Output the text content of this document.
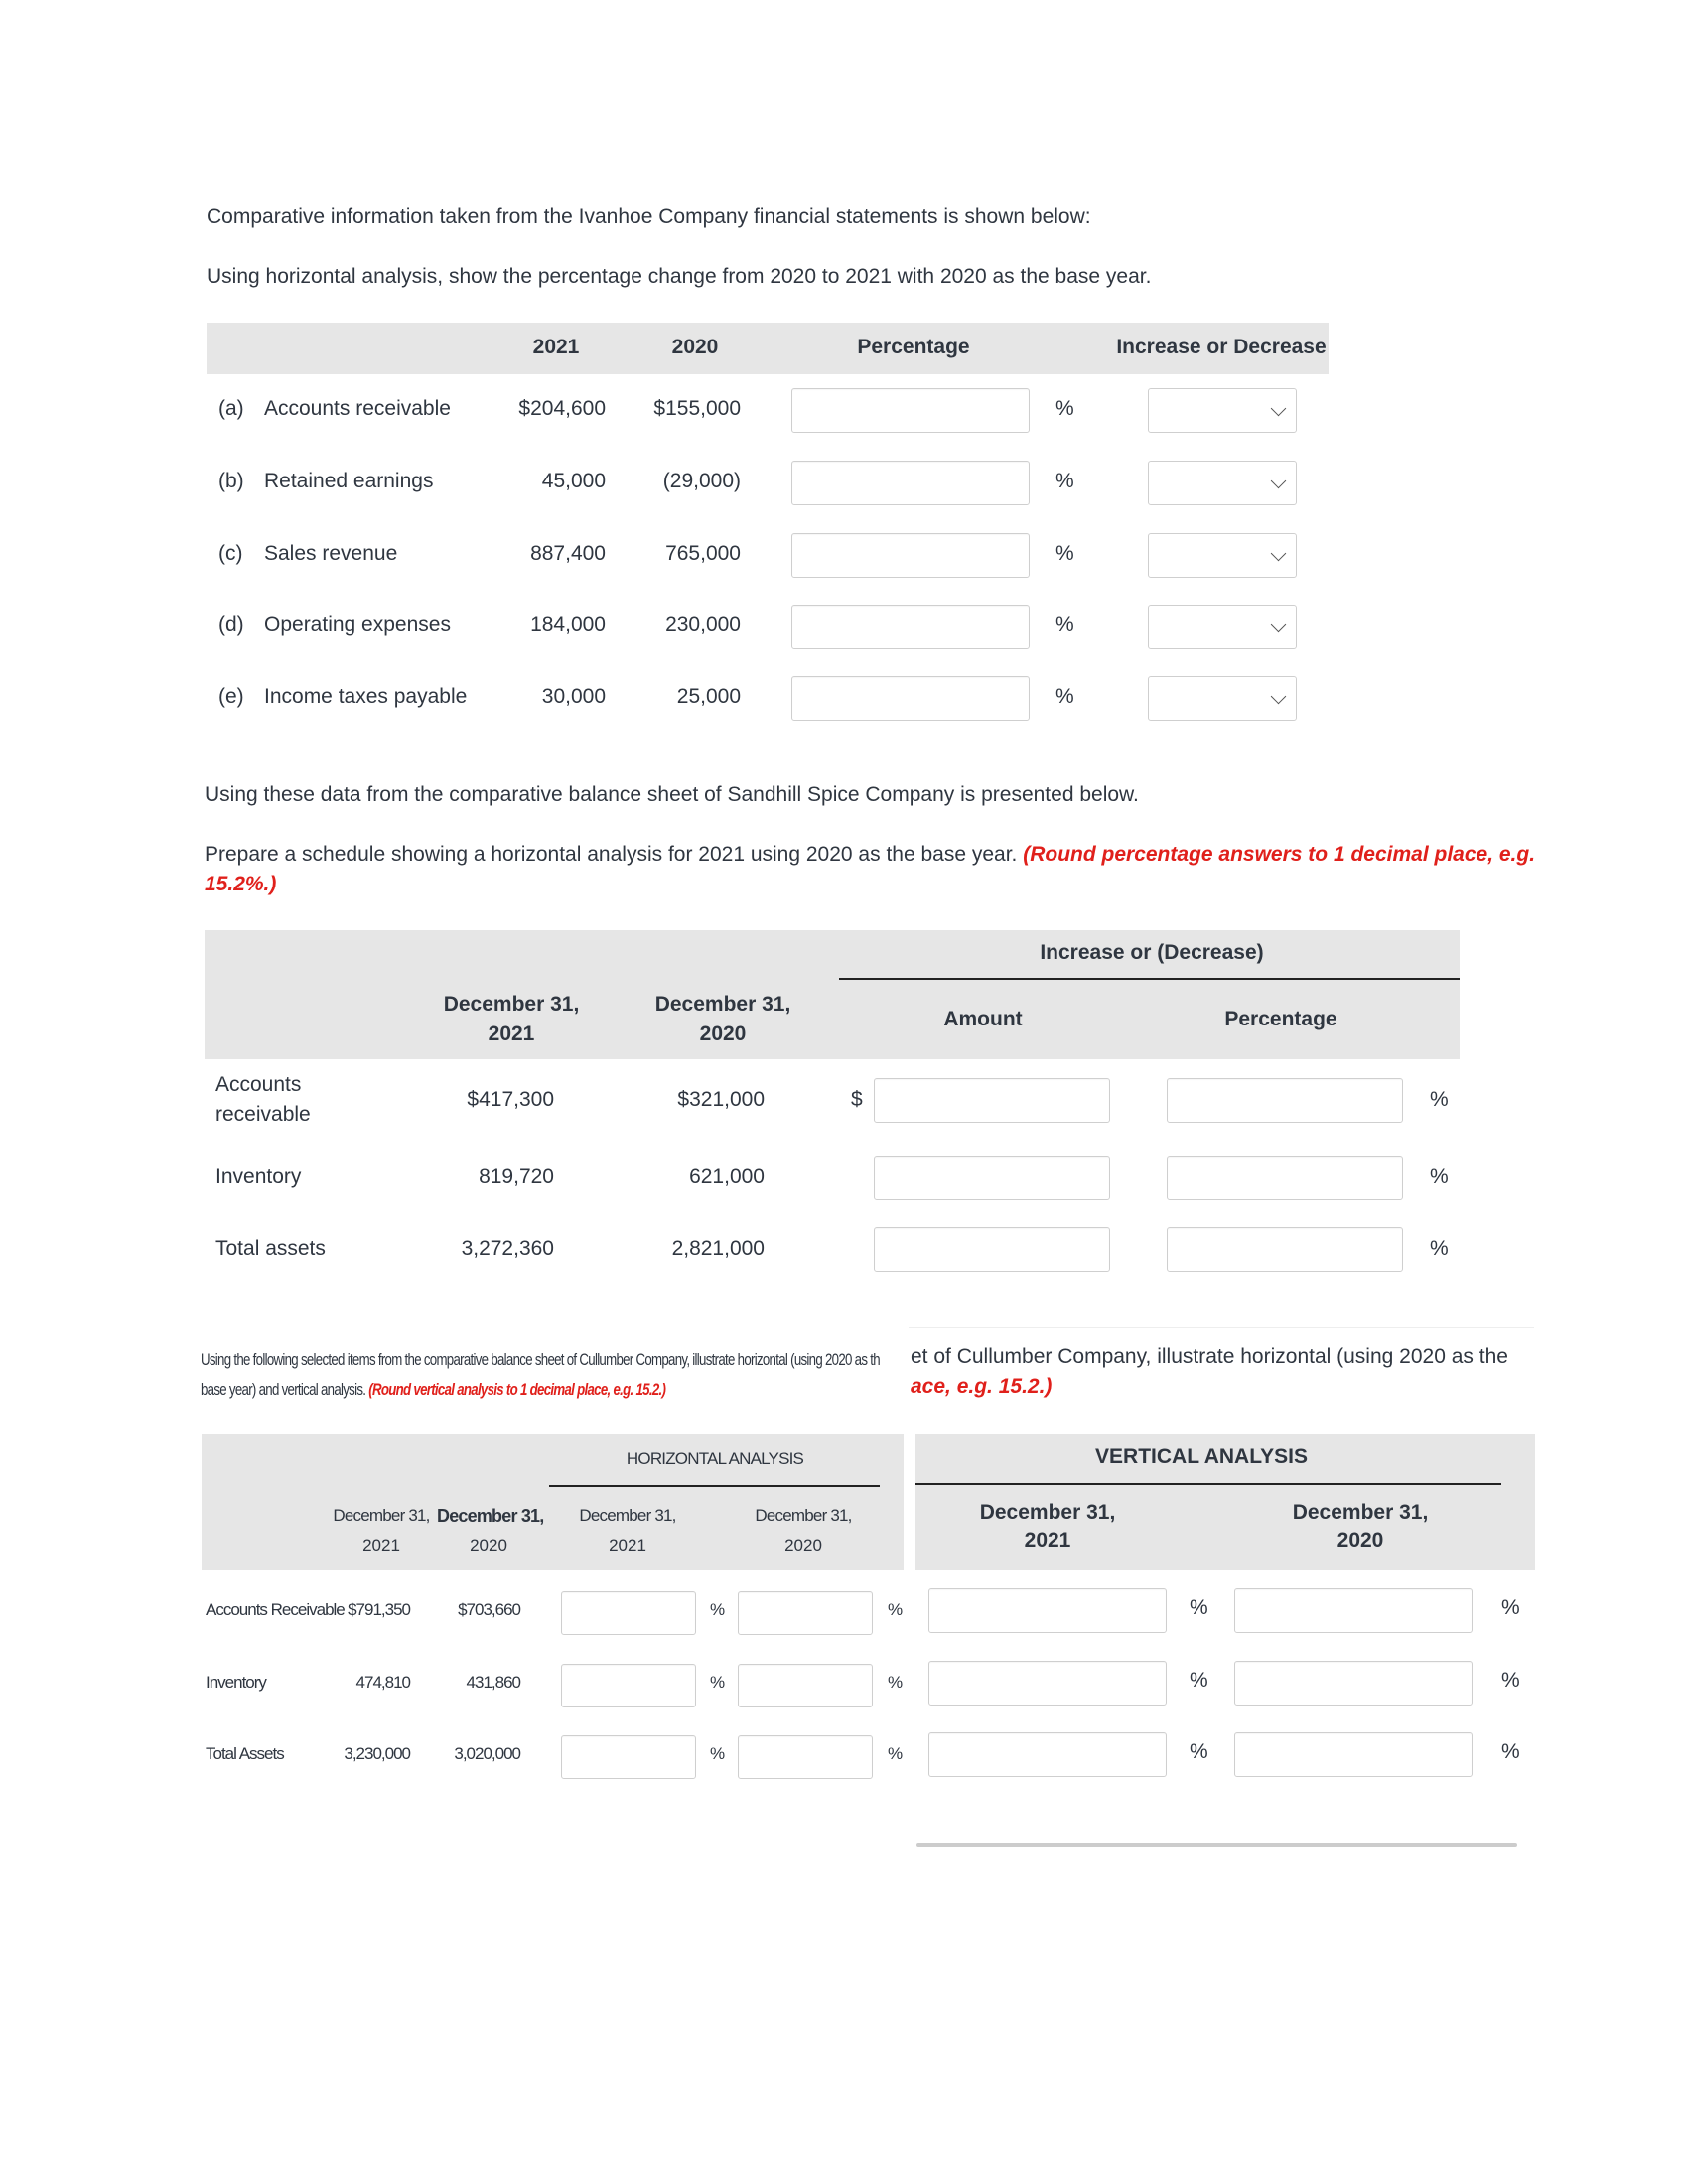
Comparative information taken from the Ivanhoe Company financial statements is shown below:
Using horizontal analysis, show the percentage change from 2020 to 2021 with 2020 as the base year.
2021	2020	Percentage	Increase or Decrease
(a) Accounts receivable	$204,600	$155,000	%
(b) Retained earnings	45,000	(29,000)	%
(c) Sales revenue	887,400	765,000	%
(d) Operating expenses	184,000	230,000	%
(e) Income taxes payable	30,000	25,000	%
Using these data from the comparative balance sheet of Sandhill Spice Company is presented below.
Prepare a schedule showing a horizontal analysis for 2021 using 2020 as the base year. (Round percentage answers to 1 decimal place, e.g.
15.2%.)
Increase or (Decrease)
December 31,
2021
December 31,
2020
Amount	Percentage
Accounts
receivable
$417,300	$321,000	$	%
Inventory	819,720	621,000	%
Total assets	3,272,360	2,821,000	%
Using the following selected items from the comparative balance sheet of Cullumber Company, illustrate horizontal (using 2020 as th
base year) and vertical analysis. (Round vertical analysis to 1 decimal place, e.g. 15.2.)
et of Cullumber Company, illustrate horizontal (using 2020 as the
ace, e.g. 15.2.)
HORIZONTAL ANALYSIS
December 31,
2021
December 31,
2020
December 31,
2021
December 31,
2020
VERTICAL ANALYSIS
December 31,
2021
December 31,
2020
Accounts Receivable $791,350	$703,660	%	%	%	%
Inventory	474,810	431,860	%	%	%	%
Total Assets	3,230,000	3,020,000	%	%	%	%
